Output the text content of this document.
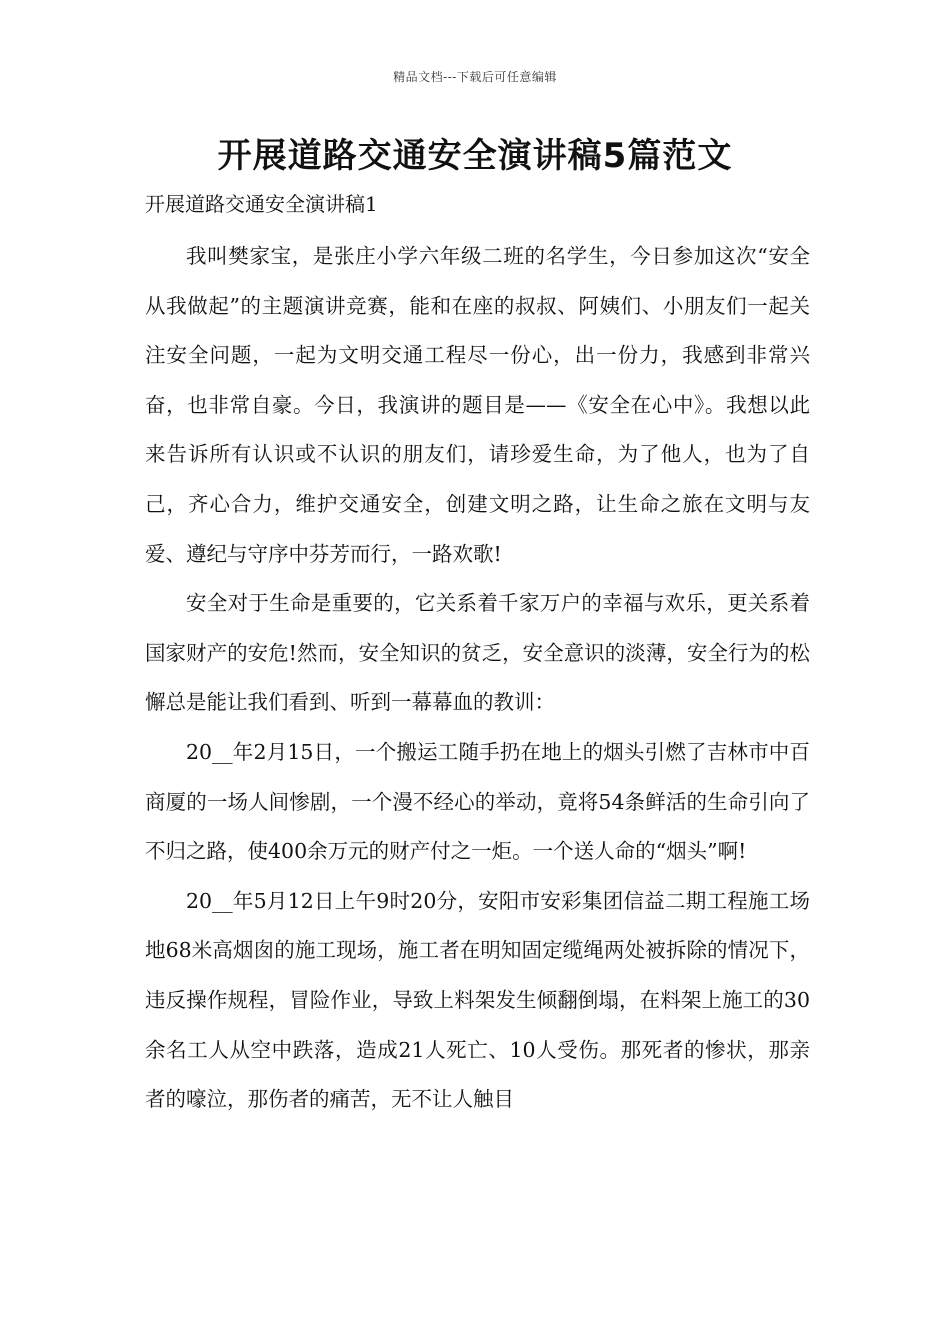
精品文档---下载后可任意编辑
开展道路交通安全演讲稿5篇范文
开展道路交通安全演讲稿1

我叫樊家宝，是张庄小学六年级二班的名学生，今日参加这次“安全从我做起”的主题演讲竞赛，能和在座的叔叔、阿姨们、小朋友们一起关注安全问题，一起为文明交通工程尽一份心，出一份力，我感到非常兴奋，也非常自豪。今日，我演讲的题目是——《安全在心中》。我想以此来告诉所有认识或不认识的朋友们，请珍爱生命，为了他人，也为了自己，齐心合力，维护交通安全，创建文明之路，让生命之旅在文明与友爱、遵纪与守序中芬芳而行，一路欢歌!

安全对于生命是重要的，它关系着千家万户的幸福与欢乐，更关系着国家财产的安危!然而，安全知识的贫乏，安全意识的淡薄，安全行为的松懈总是能让我们看到、听到一幕幕血的教训：

20__年2月15日，一个搬运工随手扔在地上的烟头引燃了吉林市中百商厦的一场人间惨剧，一个漫不经心的举动，竟将54条鲜活的生命引向了不归之路，使400余万元的财产付之一炬。一个送人命的“烟头”啊!

20__年5月12日上午9时20分，安阳市安彩集团信益二期工程施工场地68米高烟囱的施工现场，施工者在明知固定缆绳两处被拆除的情况下，违反操作规程，冒险作业，导致上料架发生倾翻倒塌，在料架上施工的30余名工人从空中跌落，造成21人死亡、10人受伤。那死者的惨状，那亲者的嚎泣，那伤者的痛苦，无不让人触目
